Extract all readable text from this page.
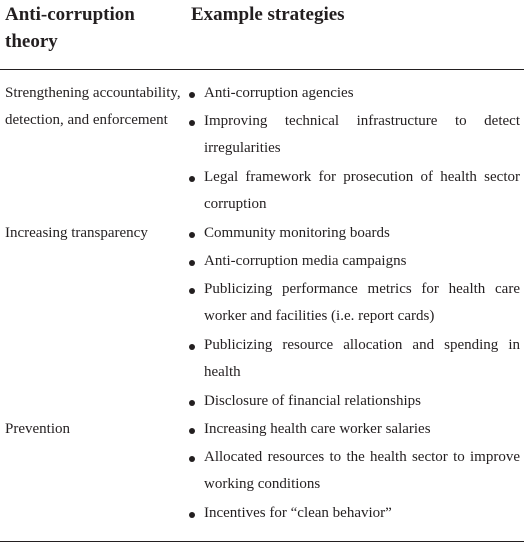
Anti-corruption theory
Example strategies
Strengthening accountability, detection, and enforcement
Anti-corruption agencies
Improving technical infrastructure to detect irregularities
Legal framework for prosecution of health sector corruption
Increasing transparency	Community monitoring boards
Anti-corruption media campaigns
Publicizing performance metrics for health care worker and facilities (i.e. report cards)
Publicizing resource allocation and spending in health
Disclosure of financial relationships
Prevention	Increasing health care worker salaries
Allocated resources to the health sector to improve working conditions
Incentives for “clean behavior”
